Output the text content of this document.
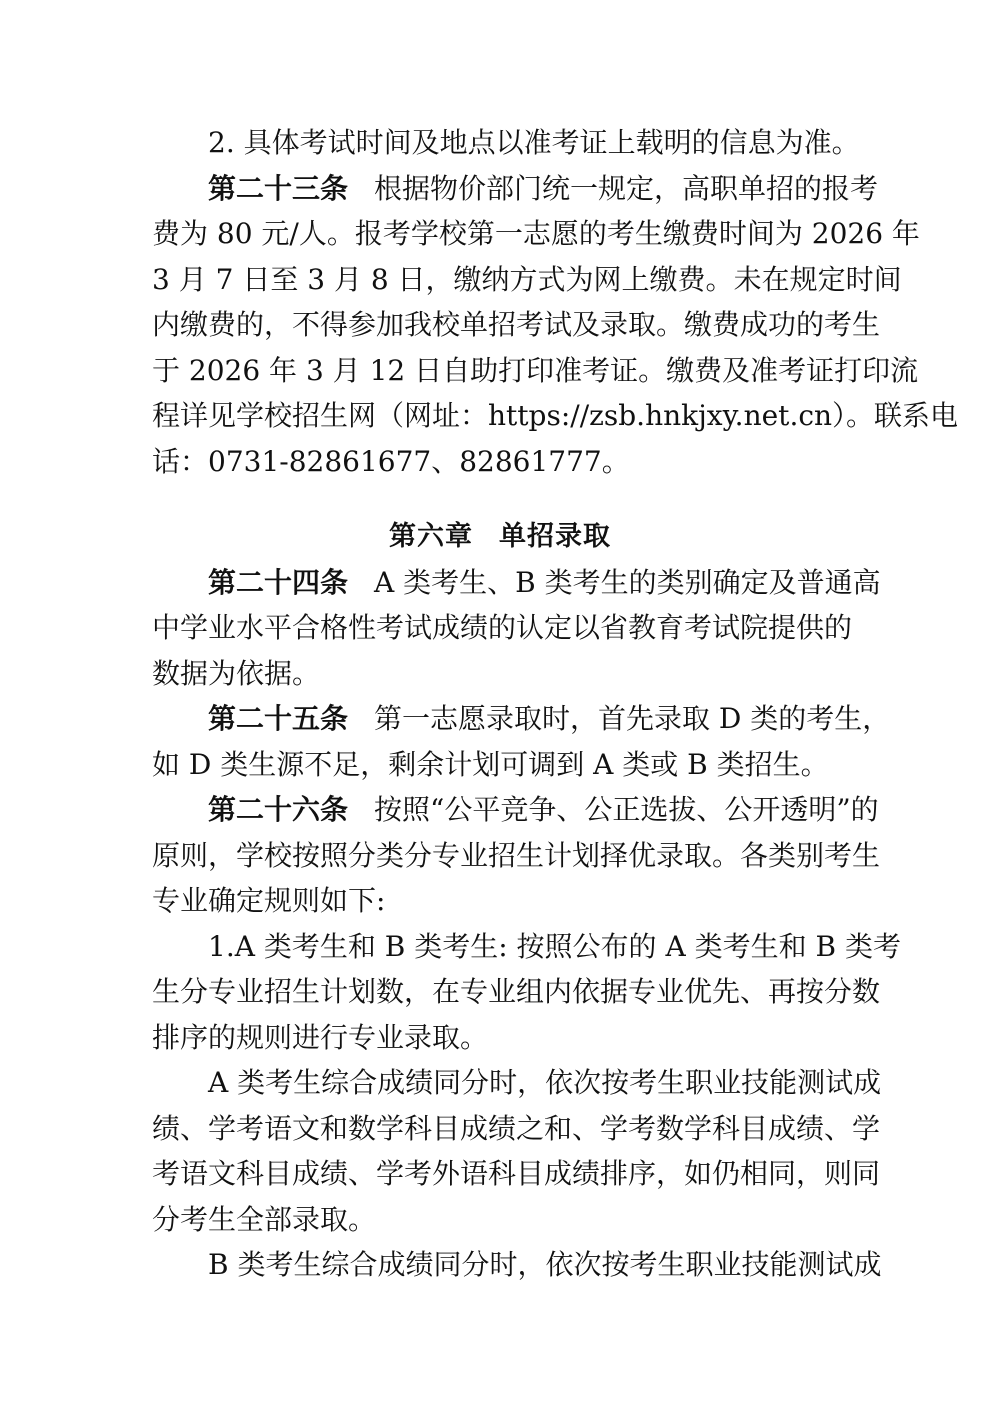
2. 具体考试时间及地点以准考证上载明的信息为准。
第二十三条 根据物价部门统一规定，高职单招的报考
费为 80 元/人。报考学校第一志愿的考生缴费时间为 2026 年
3 月 7 日至 3 月 8 日，缴纳方式为网上缴费。未在规定时间
内缴费的，不得参加我校单招考试及录取。缴费成功的考生
于 2026 年 3 月 12 日自助打印准考证。缴费及准考证打印流
程详见学校招生网（网址：https://zsb.hnkjxy.net.cn）。联系电
话：0731-82861677、82861777。
第六章 单招录取
第二十四条 A 类考生、B 类考生的类别确定及普通高
中学业水平合格性考试成绩的认定以省教育考试院提供的
数据为依据。
第二十五条 第一志愿录取时，首先录取 D 类的考生，
如 D 类生源不足，剩余计划可调到 A 类或 B 类招生。
第二十六条 按照“公平竞争、公正选拔、公开透明”的
原则，学校按照分类分专业招生计划择优录取。各类别考生
专业确定规则如下:
1.A 类考生和 B 类考生: 按照公布的 A 类考生和 B 类考
生分专业招生计划数，在专业组内依据专业优先、再按分数
排序的规则进行专业录取。
A 类考生综合成绩同分时，依次按考生职业技能测试成
绩、学考语文和数学科目成绩之和、学考数学科目成绩、学
考语文科目成绩、学考外语科目成绩排序，如仍相同，则同
分考生全部录取。
B 类考生综合成绩同分时，依次按考生职业技能测试成
